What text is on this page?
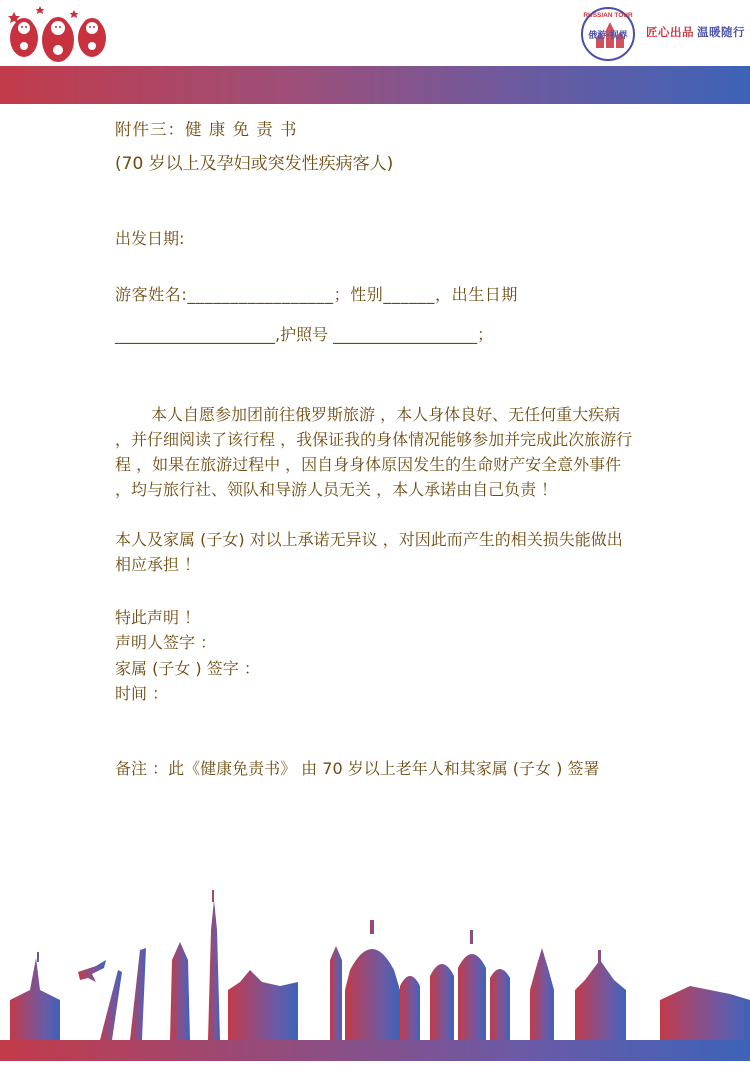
RUSSIAN TOUR
俄游·视界 匠心出品 温暖随行
附件三：健 康 免 责 书
(70 岁以上及孕妇或突发性疾病客人)
出发日期:
游客姓名:_________________；性别______，出生日期
____________________,护照号 __________________；
本人自愿参加团前往俄罗斯旅游 ，本人身体良好、无任何重大疾病 ，并仔细阅读了该行程 ，我保证我的身体情况能够参加并完成此次旅游行程 ，如果在旅游过程中 ，因自身身体原因发生的生命财产安全意外事件 ，均与旅行社、领队和导游人员无关 ，本人承诺由自己负责 ！
本人及家属 (子女) 对以上承诺无异议 ，对因此而产生的相关损失能做出相应承担 ！
特此声明 ！
声明人签字 ：
家属 (子女 ) 签字 ：
时间 ：
备注 ：此《健康免责书》 由 70 岁以上老年人和其家属 (子女 ) 签署
